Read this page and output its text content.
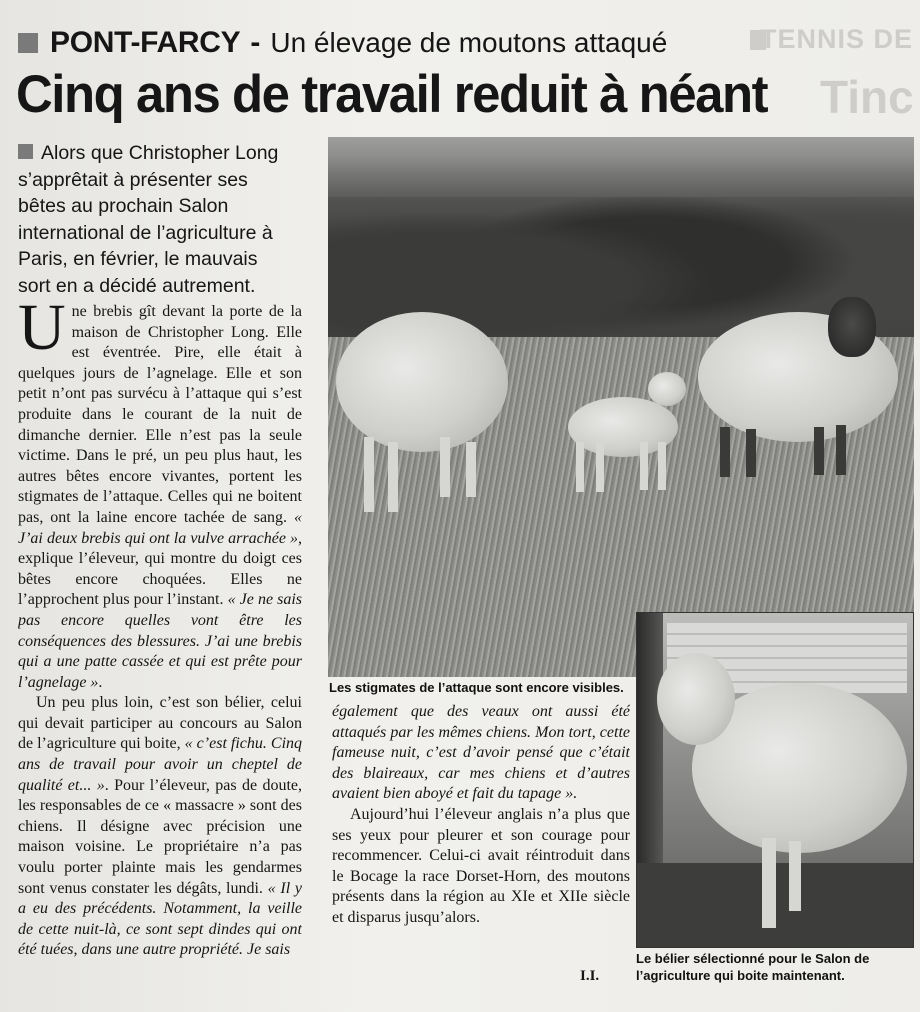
TENNIS DE
Tinc
PONT-FARCY - Un élevage de moutons attaqué
Cinq ans de travail reduit à néant
Alors que Christopher Long s’apprêtait à présenter ses bêtes au prochain Salon international de l’agriculture à Paris, en février, le mauvais sort en a décidé autrement.

Une brebis gît devant la porte de la maison de Christopher Long. Elle est éventrée. Pire, elle était à quelques jours de l’agnelage. Elle et son petit n’ont pas survécu à l’attaque qui s’est produite dans le courant de la nuit de dimanche dernier. Elle n’est pas la seule victime. Dans le pré, un peu plus haut, les autres bêtes encore vivantes, portent les stigmates de l’attaque. Celles qui ne boitent pas, ont la laine encore tachée de sang. « J’ai deux brebis qui ont la vulve arrachée », explique l’éleveur, qui montre du doigt ces bêtes encore choquées. Elles ne l’approchent plus pour l’instant. « Je ne sais pas encore quelles vont être les conséquences des blessures. J’ai une brebis qui a une patte cassée et qui est prête pour l’agnelage ».

Un peu plus loin, c’est son bélier, celui qui devait participer au concours au Salon de l’agriculture qui boite, « c’est fichu. Cinq ans de travail pour avoir un cheptel de qualité et... ». Pour l’éleveur, pas de doute, les responsables de ce « massacre » sont des chiens. Il désigne avec précision une maison voisine. Le propriétaire n’a pas voulu porter plainte mais les gendarmes sont venus constater les dégâts, lundi. « Il y a eu des précédents. Notamment, la veille de cette nuit-là, ce sont sept dindes qui ont été tuées, dans une autre propriété. Je sais

Les stigmates de l’attaque sont encore visibles.

également que des veaux ont aussi été attaqués par les mêmes chiens. Mon tort, cette fameuse nuit, c’est d’avoir pensé que c’était des blaireaux, car mes chiens et d’autres avaient bien aboyé et fait du tapage ».

Aujourd’hui l’éleveur anglais n’a plus que ses yeux pour pleurer et son courage pour recommencer. Celui-ci avait réintroduit dans le Bocage la race Dorset-Horn, des moutons présents dans la région au XIe et XIIe siècle et disparus jusqu’alors.

I.I.
Le bélier sélectionné pour le Salon de l’agriculture qui boite maintenant.
